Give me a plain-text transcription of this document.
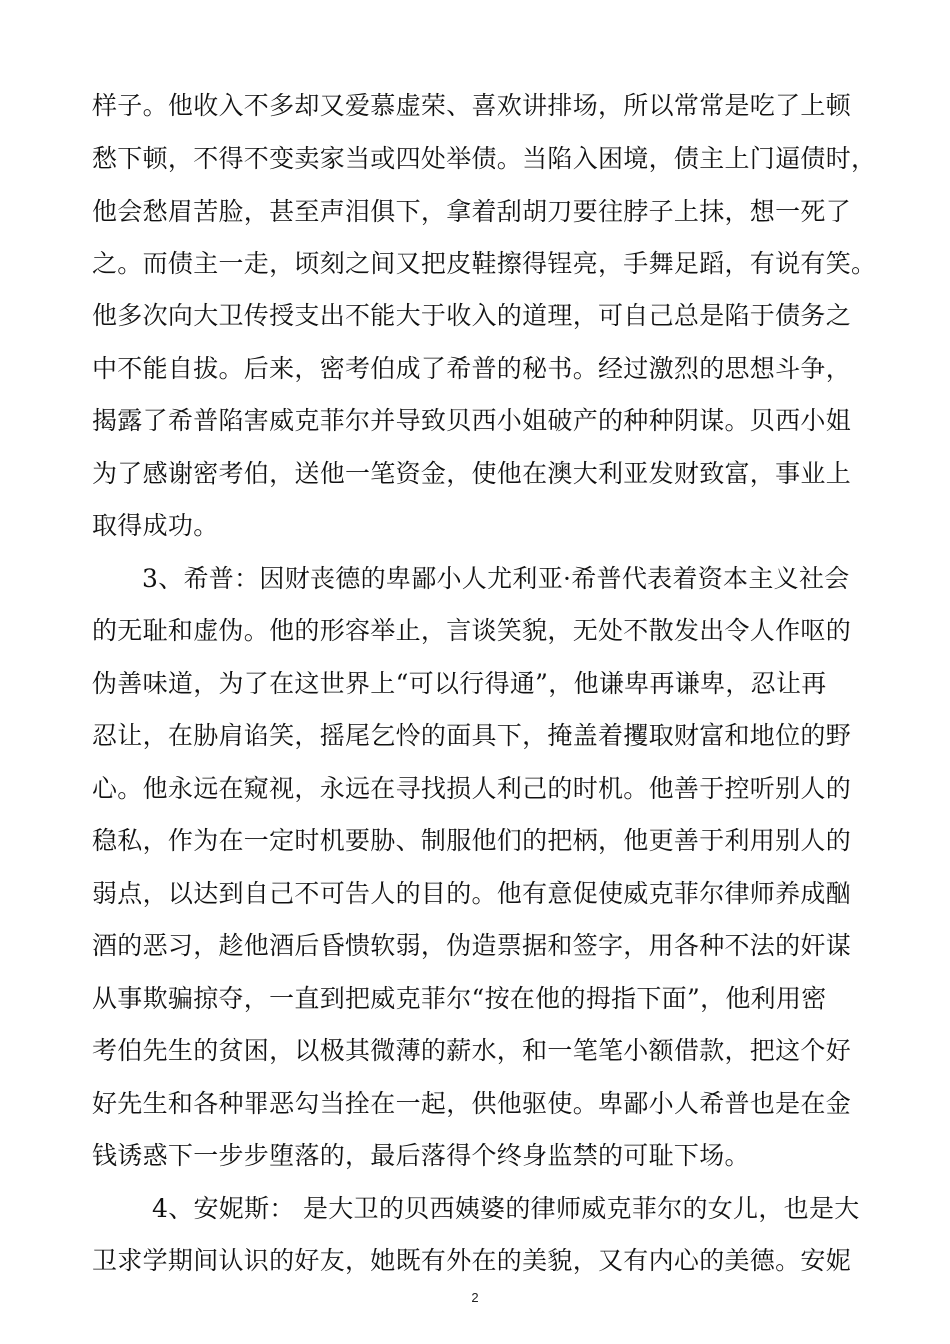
样子。他收入不多却又爱慕虚荣、喜欢讲排场，所以常常是吃了上顿
愁下顿，不得不变卖家当或四处举债。当陷入困境，债主上门逼债时，
他会愁眉苦脸，甚至声泪俱下，拿着刮胡刀要往脖子上抹，想一死了
之。而债主一走，顷刻之间又把皮鞋擦得锃亮，手舞足蹈，有说有笑。
他多次向大卫传授支出不能大于收入的道理，可自己总是陷于债务之
中不能自拔。后来，密考伯成了希普的秘书。经过激烈的思想斗争，
揭露了希普陷害威克菲尔并导致贝西小姐破产的种种阴谋。贝西小姐
为了感谢密考伯，送他一笔资金，使他在澳大利亚发财致富，事业上
取得成功。
3、希普：因财丧德的卑鄙小人尤利亚·希普代表着资本主义社会
的无耻和虚伪。他的形容举止，言谈笑貌，无处不散发出令人作呕的
伪善味道，为了在这世界上“可以行得通”，他谦卑再谦卑，忍让再
忍让，在胁肩谄笑，摇尾乞怜的面具下，掩盖着攫取财富和地位的野
心。他永远在窥视，永远在寻找损人利己的时机。他善于控听别人的
稳私，作为在一定时机要胁、制服他们的把柄，他更善于利用别人的
弱点，以达到自己不可告人的目的。他有意促使威克菲尔律师养成酗
酒的恶习，趁他酒后昏愦软弱，伪造票据和签字，用各种不法的奸谋
从事欺骗掠夺，一直到把威克菲尔“按在他的拇指下面”，他利用密
考伯先生的贫困，以极其微薄的薪水，和一笔笔小额借款，把这个好
好先生和各种罪恶勾当拴在一起，供他驱使。卑鄙小人希普也是在金
钱诱惑下一步步堕落的，最后落得个终身监禁的可耻下场。
4、安妮斯： 是大卫的贝西姨婆的律师威克菲尔的女儿，也是大
卫求学期间认识的好友，她既有外在的美貌，又有内心的美德。安妮
2
